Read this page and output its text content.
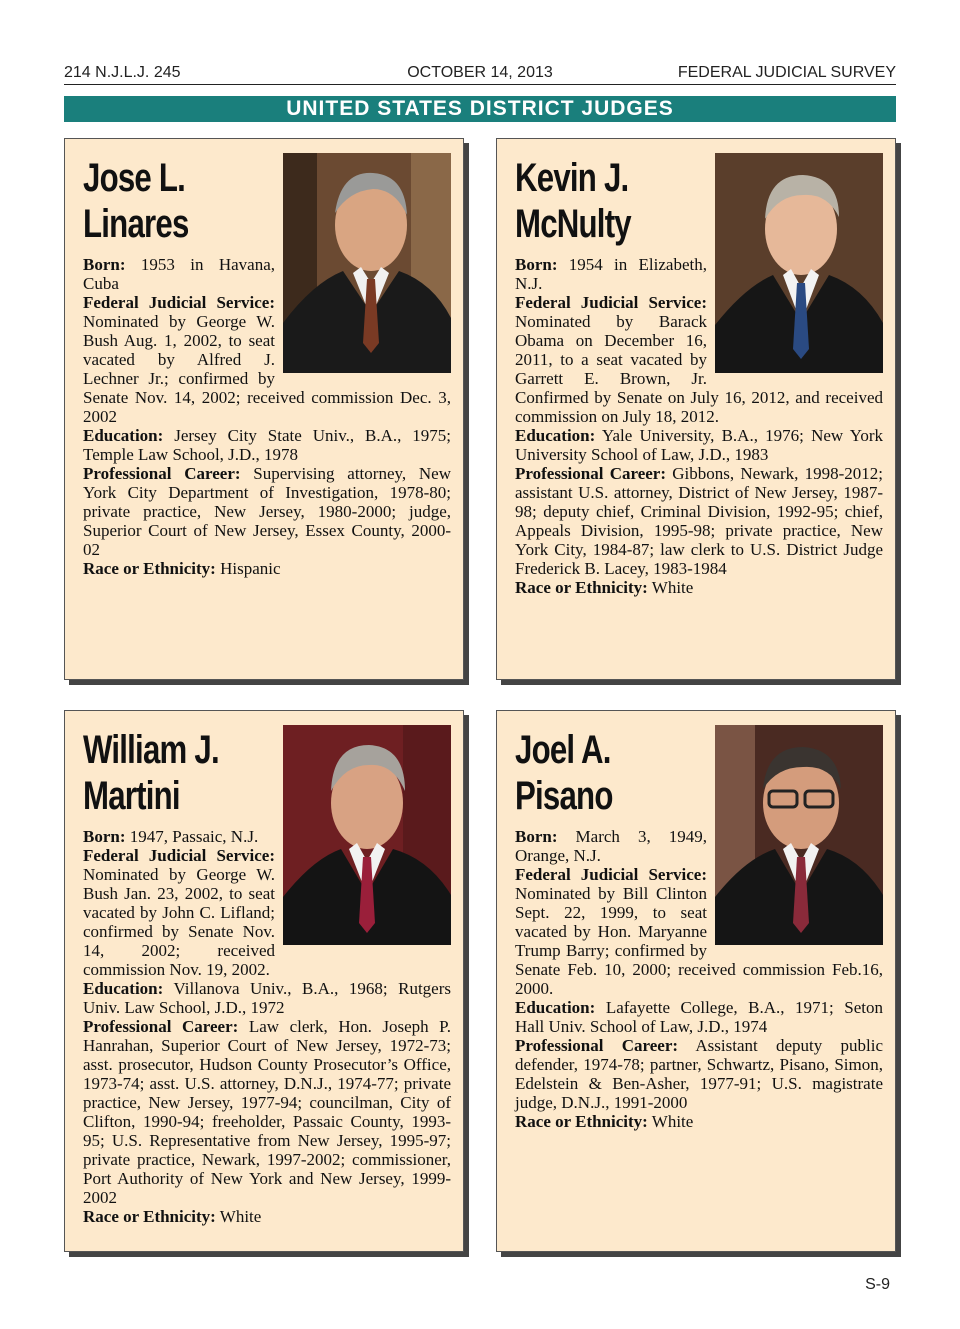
214 N.J.L.J. 245	OCTOBER 14, 2013	FEDERAL JUDICIAL SURVEY
UNITED STATES DISTRICT JUDGES
Jose L.
Linares

Born: 1953 in Havana, Cuba

Federal Judicial Service: Nominated by George W. Bush Aug. 1, 2002, to seat vacated by Alfred J. Lechner Jr.; confirmed by Senate Nov. 14, 2002; received commission Dec. 3, 2002

Education: Jersey City State Univ., B.A., 1975; Temple Law School, J.D., 1978

Professional Career: Supervising attorney, New York City Department of Investigation, 1978-80; private practice, New Jersey, 1980-2000; judge, Superior Court of New Jersey, Essex County, 2000-02

Race or Ethnicity: Hispanic

Kevin J.
McNulty

Born: 1954 in Elizabeth, N.J.

Federal Judicial Service: Nominated by Barack Obama on December 16, 2011, to a seat vacated by Garrett E. Brown, Jr. Confirmed by Senate on July 16, 2012, and received commission on July 18, 2012.

Education: Yale University, B.A., 1976; New York University School of Law, J.D., 1983

Professional Career: Gibbons, Newark, 1998-2012; assistant U.S. attorney, District of New Jersey, 1987-98; deputy chief, Criminal Division, 1992-95; chief, Appeals Division, 1995-98; private practice, New York City, 1984-87; law clerk to U.S. District Judge Frederick B. Lacey, 1983-1984

Race or Ethnicity: White

William J.
Martini

Born: 1947, Passaic, N.J.

Federal Judicial Service: Nominated by George W. Bush Jan. 23, 2002, to seat vacated by John C. Lifland; confirmed by Senate Nov. 14, 2002; received commission Nov. 19, 2002.

Education: Villanova Univ., B.A., 1968; Rutgers Univ. Law School, J.D., 1972

Professional Career: Law clerk, Hon. Joseph P. Hanrahan, Superior Court of New Jersey, 1972-73; asst. prosecutor, Hudson County Prosecutor’s Office, 1973-74; asst. U.S. attorney, D.N.J., 1974-77; private practice, New Jersey, 1977-94; councilman, City of Clifton, 1990-94; freeholder, Passaic County, 1993-95; U.S. Representative from New Jersey, 1995-97; private practice, Newark, 1997-2002; commissioner, Port Authority of New York and New Jersey, 1999-2002

Race or Ethnicity: White

Joel A.
Pisano

Born: March 3, 1949, Orange, N.J.

Federal Judicial Service: Nominated by Bill Clinton Sept. 22, 1999, to seat vacated by Hon. Maryanne Trump Barry; confirmed by Senate Feb. 10, 2000; received commission Feb.16, 2000.

Education: Lafayette College, B.A., 1971; Seton Hall Univ. School of Law, J.D., 1974

Professional Career: Assistant deputy public defender, 1974-78; partner, Schwartz, Pisano, Simon, Edelstein & Ben-Asher, 1977-91; U.S. magistrate judge, D.N.J., 1991-2000

Race or Ethnicity: White

S-9
